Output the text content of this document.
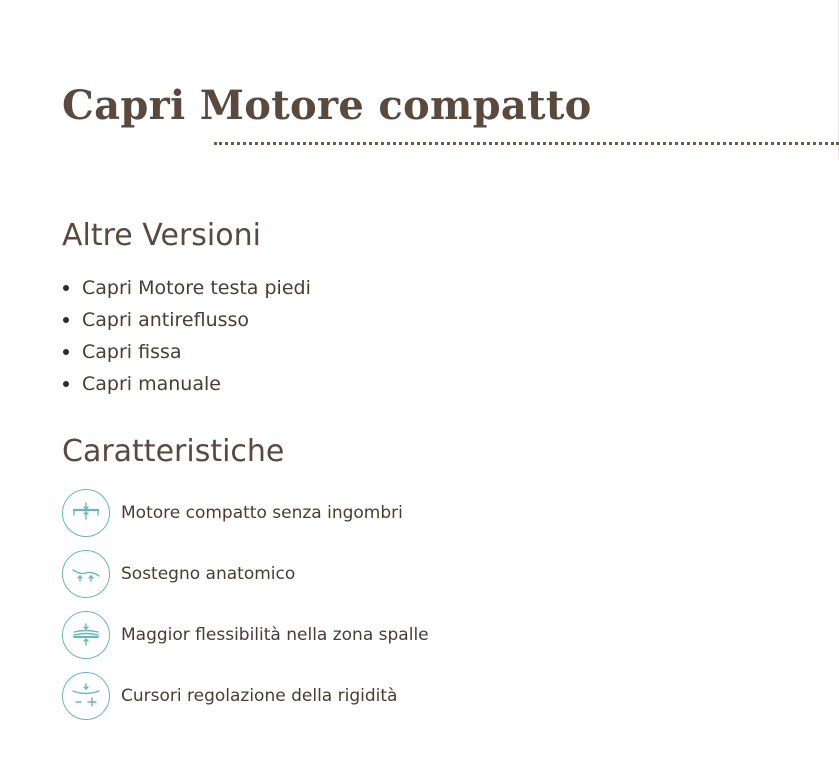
Capri Motore compatto
Altre Versioni
Capri Motore testa piedi
Capri antireflusso
Capri fissa
Capri manuale
Caratteristiche
Motore compatto senza ingombri
Sostegno anatomico
Maggior flessibilità nella zona spalle
Cursori regolazione della rigidità
